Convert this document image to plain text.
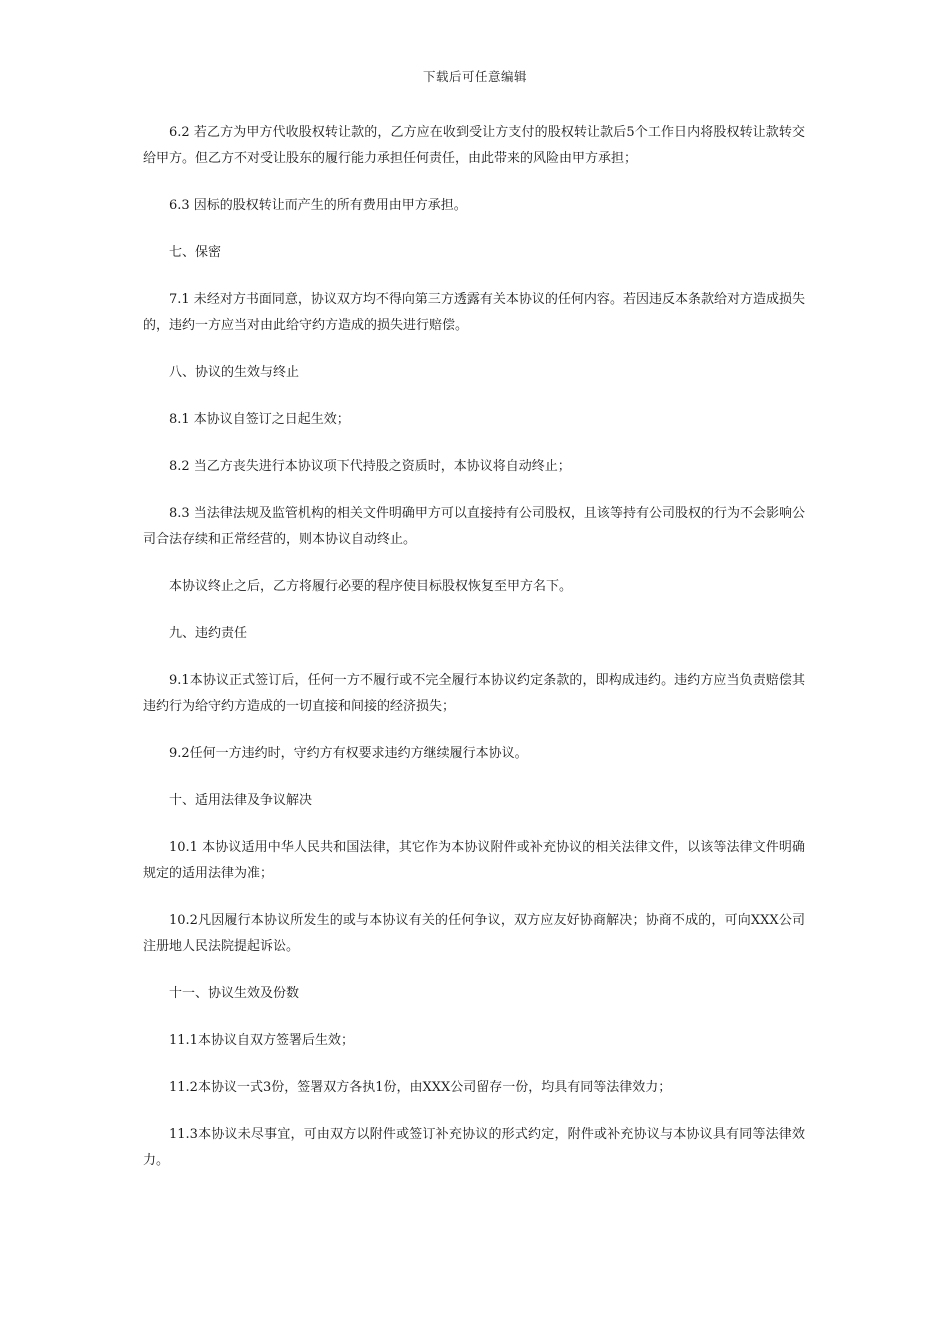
下载后可任意编辑

6.2 若乙方为甲方代收股权转让款的，乙方应在收到受让方支付的股权转让款后5个工作日内将股权转让款转交给甲方。但乙方不对受让股东的履行能力承担任何责任，由此带来的风险由甲方承担；

6.3 因标的股权转让而产生的所有费用由甲方承担。

七、保密

7.1 未经对方书面同意，协议双方均不得向第三方透露有关本协议的任何内容。若因违反本条款给对方造成损失的，违约一方应当对由此给守约方造成的损失进行赔偿。

八、协议的生效与终止

8.1 本协议自签订之日起生效；

8.2 当乙方丧失进行本协议项下代持股之资质时，本协议将自动终止；

8.3 当法律法规及监管机构的相关文件明确甲方可以直接持有公司股权，且该等持有公司股权的行为不会影响公司合法存续和正常经营的，则本协议自动终止。

本协议终止之后，乙方将履行必要的程序使目标股权恢复至甲方名下。

九、违约责任

9.1本协议正式签订后，任何一方不履行或不完全履行本协议约定条款的，即构成违约。违约方应当负责赔偿其违约行为给守约方造成的一切直接和间接的经济损失；

9.2任何一方违约时，守约方有权要求违约方继续履行本协议。

十、适用法律及争议解决

10.1 本协议适用中华人民共和国法律，其它作为本协议附件或补充协议的相关法律文件，以该等法律文件明确规定的适用法律为准；

10.2凡因履行本协议所发生的或与本协议有关的任何争议，双方应友好协商解决；协商不成的，可向XXX公司注册地人民法院提起诉讼。

十一、协议生效及份数

11.1本协议自双方签署后生效；

11.2本协议一式3份，签署双方各执1份，由XXX公司留存一份，均具有同等法律效力；

11.3本协议未尽事宜，可由双方以附件或签订补充协议的形式约定，附件或补充协议与本协议具有同等法律效力。
